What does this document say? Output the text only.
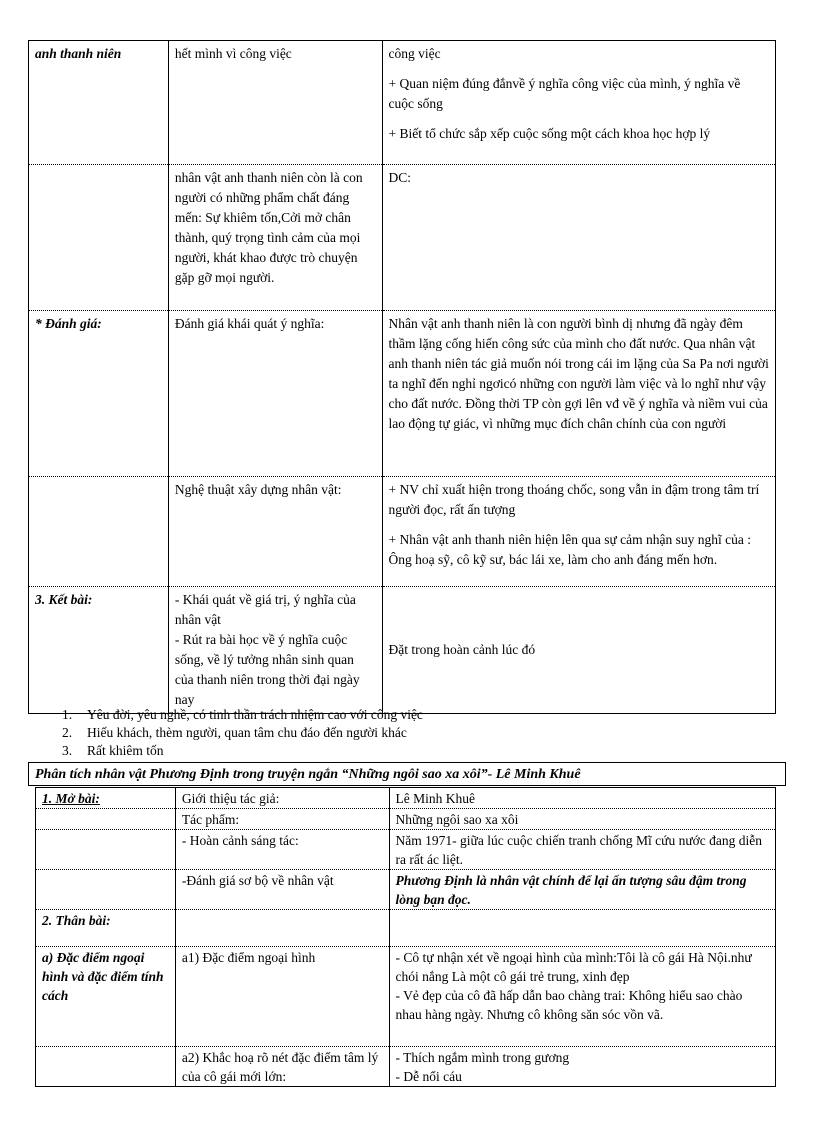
anh thanh niên	hết mình vì công việc	công việc

+ Quan niệm đúng đắnvề ý nghĩa công việc của mình, ý nghĩa về cuộc sống

+ Biết tổ chức sắp xếp cuộc sống một cách khoa học hợp lý

	nhân vật anh thanh niên còn là con người có những phẩm chất đáng mến: Sự khiêm tốn,Cởi mở chân thành, quý trọng tình cảm của mọi người, khát khao được trò chuyện gặp gỡ mọi người.	DC:
* Đánh giá:	Đánh giá khái quát ý nghĩa:	Nhân vật anh thanh niên là con người bình dị nhưng đã ngày đêm thầm lặng cống hiến công sức của mình cho đất nước. Qua nhân vật anh thanh niên tác giả muốn nói trong cái im lặng của Sa Pa nơi người ta nghĩ đến nghỉ ngơicó những con người làm việc và lo nghĩ như vậy cho đất nước. Đồng thời TP còn gợi lên vđ về ý nghĩa và niềm vui của lao động tự giác, vì những mục đích chân chính của con người
	Nghệ thuật xây dựng nhân vật:	+ NV chỉ xuất hiện trong thoáng chốc, song vẫn in đậm trong tâm trí người đọc, rất ấn tượng

+ Nhân vật anh thanh niên hiện lên qua sự cảm nhận suy nghĩ của : Ông hoạ sỹ, cô kỹ sư, bác lái xe, làm cho anh đáng mến hơn.

3. Kết bài:	- Khái quát về giá trị, ý nghĩa của nhân vật
- Rút ra bài học về ý nghĩa cuộc sống, về lý tưởng nhân sinh quan của thanh niên trong thời đại ngày nay	Đặt trong hoàn cảnh lúc đó
1. Yêu đời, yêu nghề, có tinh thần trách nhiệm cao với công việc
2. Hiếu khách, thèm người, quan tâm chu đáo đến người khác
3. Rất khiêm tốn
Phân tích nhân vật Phương Định trong truyện ngắn “Những ngôi sao xa xôi”- Lê Minh Khuê
1. Mở bài:	Giới thiệu tác giả:	Lê Minh Khuê
	Tác phẩm:	Những ngôi sao xa xôi
	- Hoàn cảnh sáng tác:	Năm 1971- giữa lúc cuộc chiến tranh chống Mĩ cứu nước đang diễn ra rất ác liệt.
	-Đánh giá sơ bộ về nhân vật	Phương Định là nhân vật chính để lại ấn tượng sâu đậm trong lòng bạn đọc.
2. Thân bài:		
a) Đặc điểm ngoại hình và đặc điểm tính cách	a1) Đặc điểm ngoại hình	- Cô tự nhận xét về ngoại hình của mình:Tôi là cô gái Hà Nội.như chói nắng Là một cô gái trẻ trung, xinh đẹp
- Vẻ đẹp của cô đã hấp dẫn bao chàng trai: Không hiểu sao chào nhau hàng ngày. Nhưng cô không săn sóc vồn vã.

	a2) Khắc hoạ rõ nét đặc điểm tâm lý của cô gái mới lớn:	- Thích ngắm mình trong gương
- Dễ nổi cáu
